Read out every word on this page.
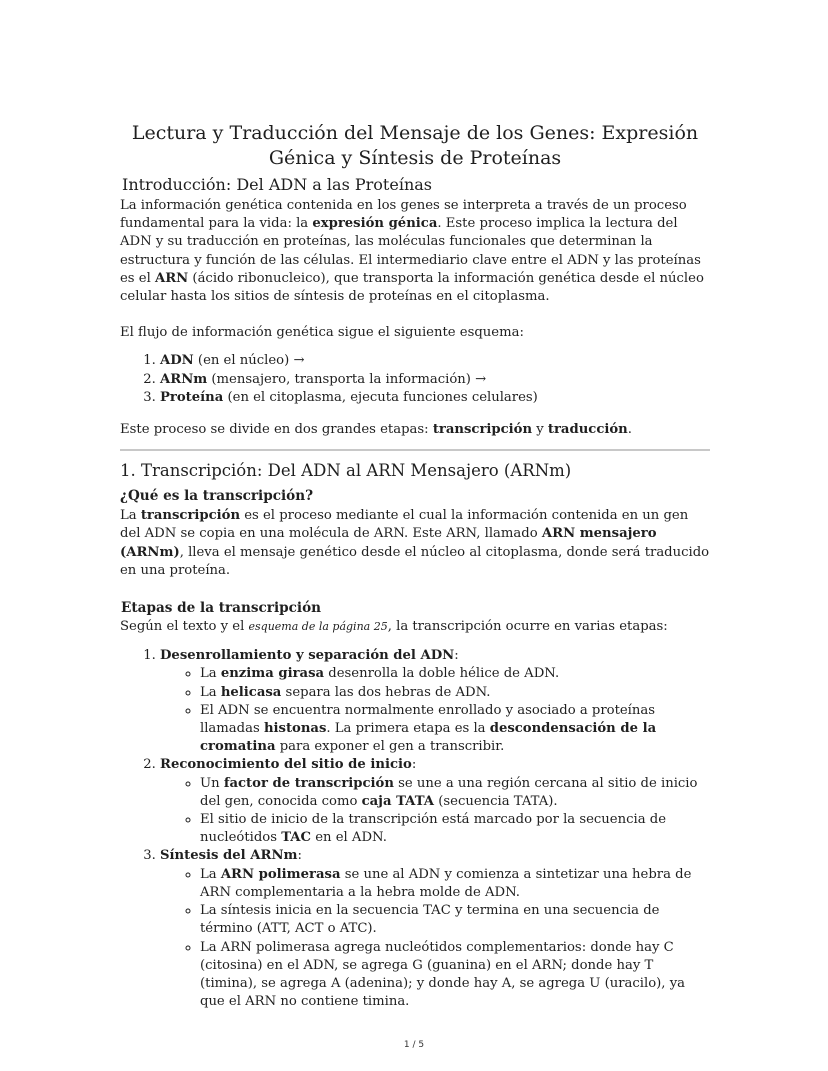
Lectura y Traducción del Mensaje de los Genes: Expresión Génica y Síntesis de Proteínas
Introducción: Del ADN a las Proteínas

La información genética contenida en los genes se interpreta a través de un proceso fundamental para la vida: la expresión génica. Este proceso implica la lectura del ADN y su traducción en proteínas, las moléculas funcionales que determinan la estructura y función de las células. El intermediario clave entre el ADN y las proteínas es el ARN (ácido ribonucleico), que transporta la información genética desde el núcleo celular hasta los sitios de síntesis de proteínas en el citoplasma.

El flujo de información genética sigue el siguiente esquema:

1. ADN (en el núcleo) →
2. ARNm (mensajero, transporta la información) →
3. Proteína (en el citoplasma, ejecuta funciones celulares)

Este proceso se divide en dos grandes etapas: transcripción y traducción.

1. Transcripción: Del ADN al ARN Mensajero (ARNm)
¿Qué es la transcripción?

La transcripción es el proceso mediante el cual la información contenida en un gen del ADN se copia en una molécula de ARN. Este ARN, llamado ARN mensajero (ARNm), lleva el mensaje genético desde el núcleo al citoplasma, donde será traducido en una proteína.

Etapas de la transcripción

Según el texto y el esquema de la página 25, la transcripción ocurre en varias etapas:

1. Desenrollamiento y separación del ADN:
◦ La enzima girasa desenrolla la doble hélice de ADN.
◦ La helicasa separa las dos hebras de ADN.
◦ El ADN se encuentra normalmente enrollado y asociado a proteínas llamadas histonas. La primera etapa es la descondensación de la cromatina para exponer el gen a transcribir.
2. Reconocimiento del sitio de inicio:
◦ Un factor de transcripción se une a una región cercana al sitio de inicio del gen, conocida como caja TATA (secuencia TATA).
◦ El sitio de inicio de la transcripción está marcado por la secuencia de nucleótidos TAC en el ADN.
3. Síntesis del ARNm:
◦ La ARN polimerasa se une al ADN y comienza a sintetizar una hebra de ARN complementaria a la hebra molde de ADN.
◦ La síntesis inicia en la secuencia TAC y termina en una secuencia de término (ATT, ACT o ATC).
◦ La ARN polimerasa agrega nucleótidos complementarios: donde hay C (citosina) en el ADN, se agrega G (guanina) en el ARN; donde hay T (timina), se agrega A (adenina); y donde hay A, se agrega U (uracilo), ya que el ARN no contiene timina.
1 / 5
